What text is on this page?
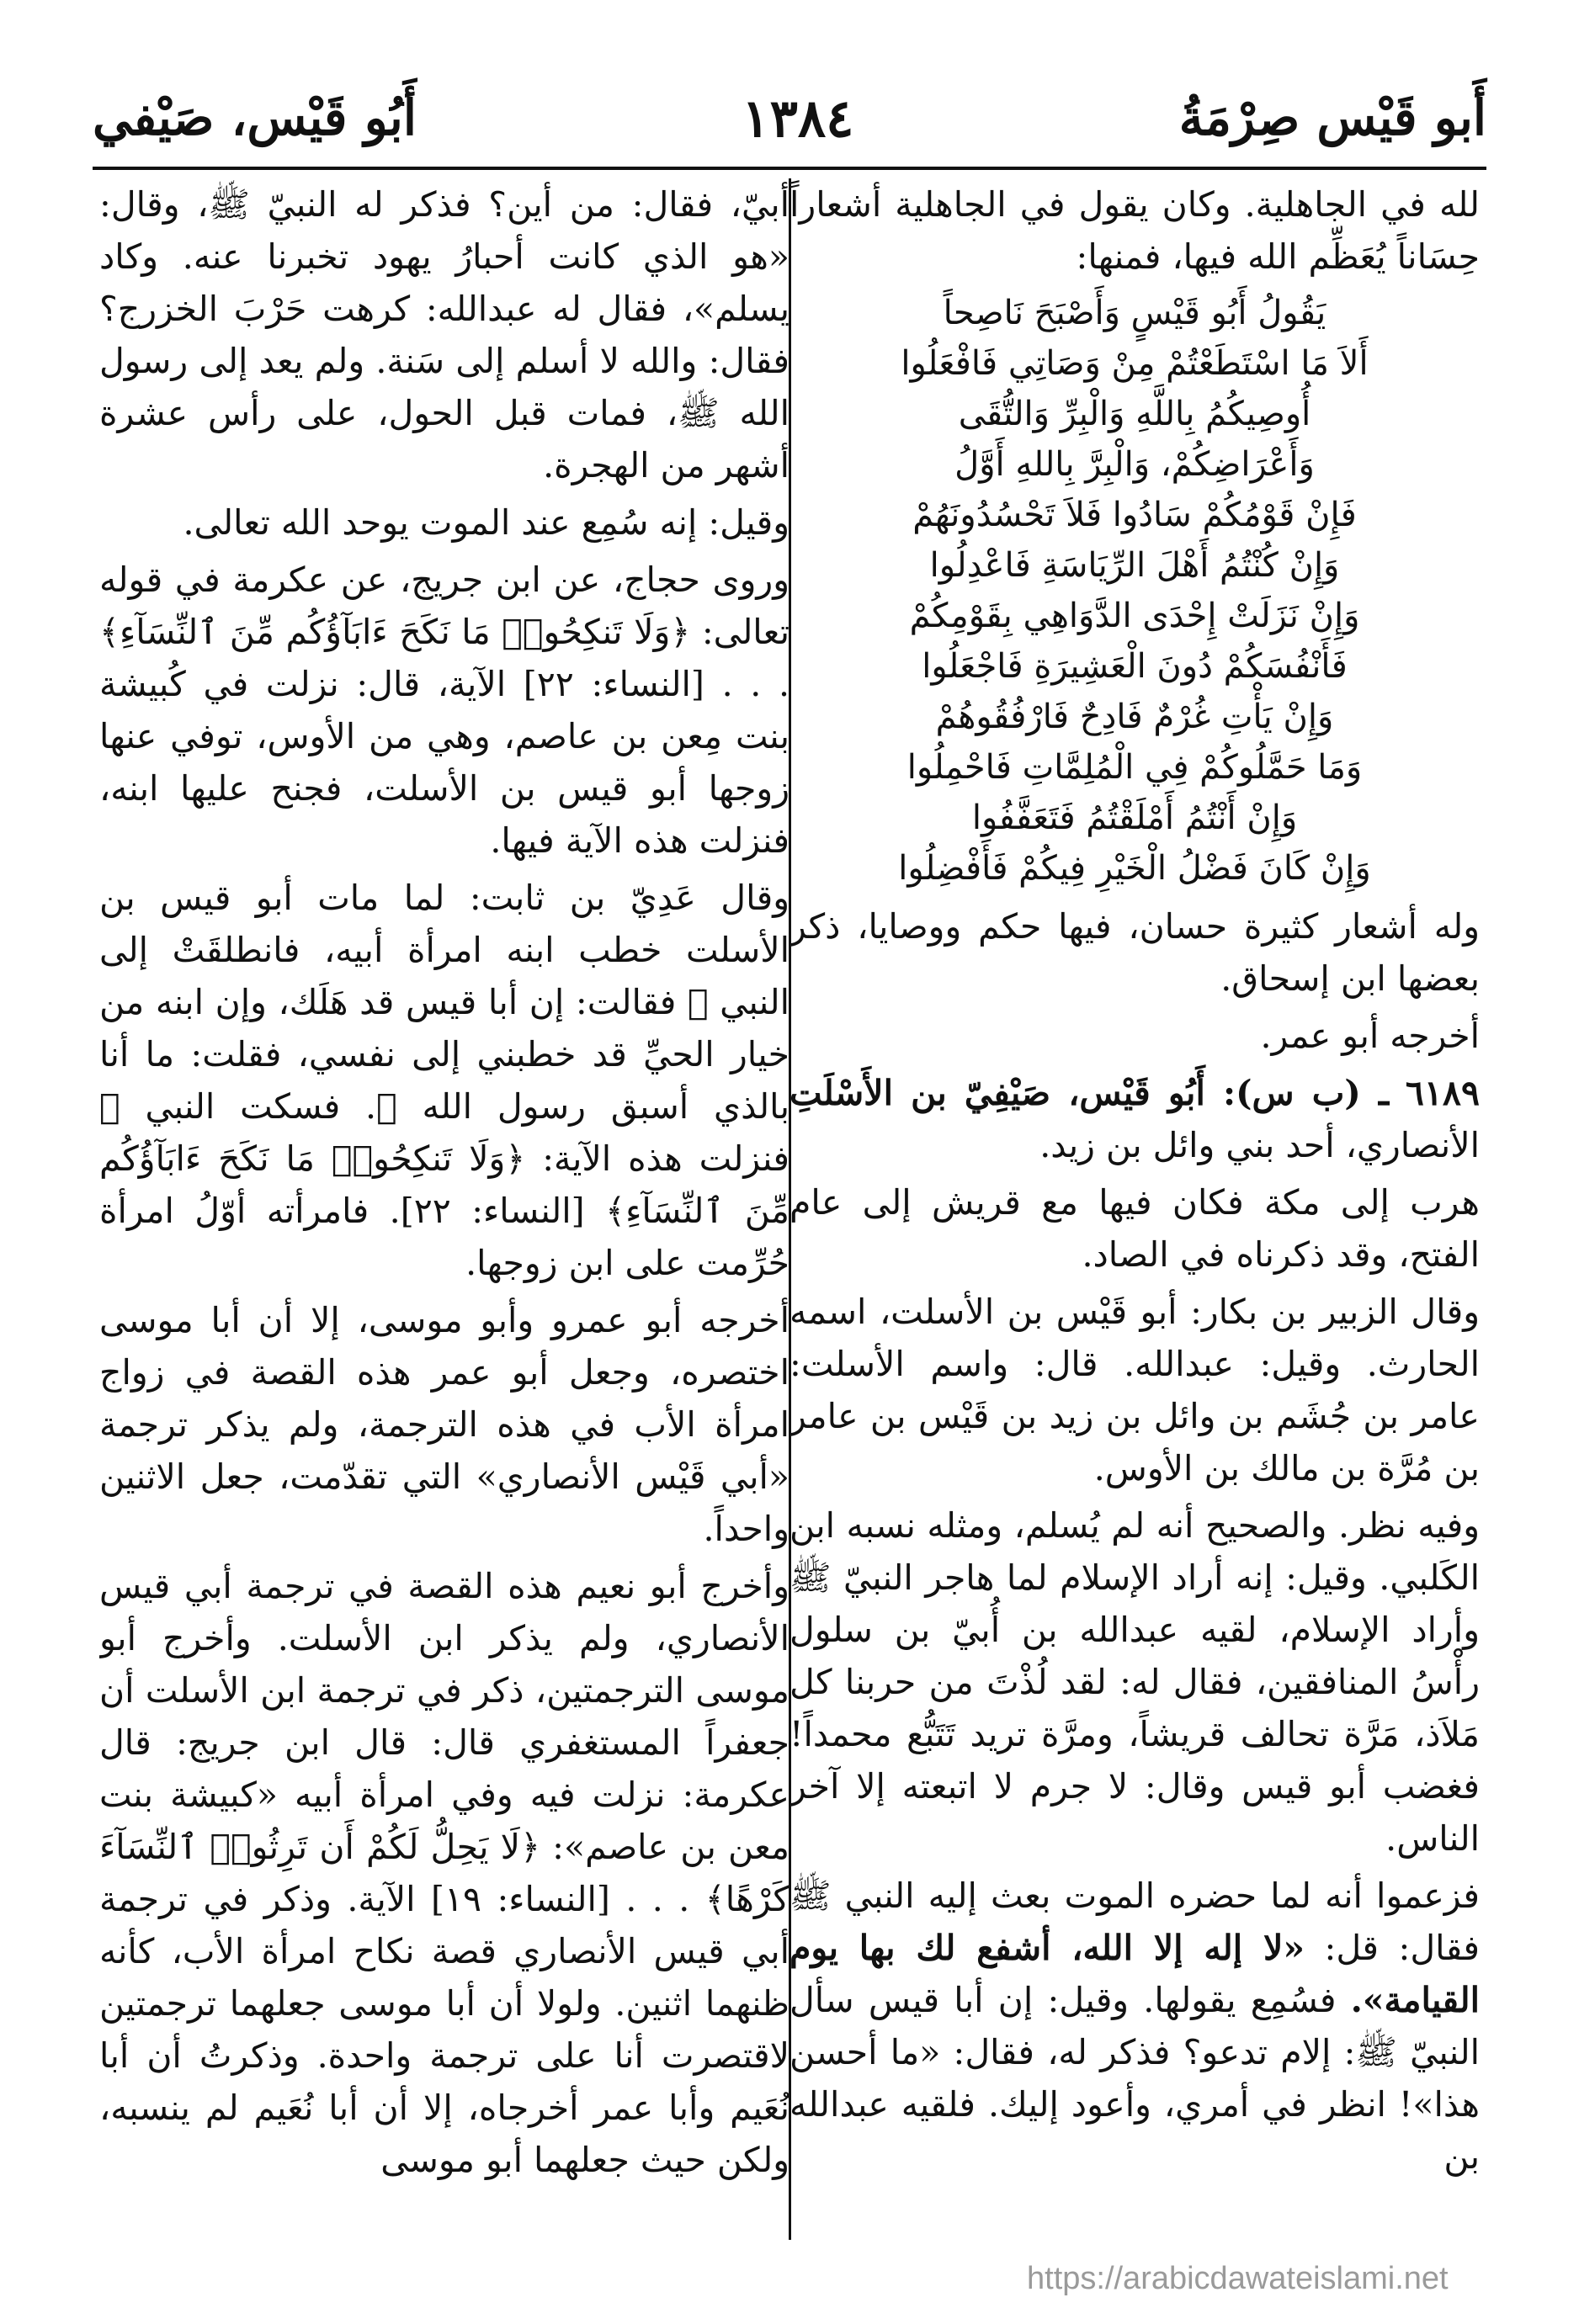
أَبو قَيْس صِرْمَةُ
١٣٨٤
أَبُو قَيْس، صَيْفي

لله في الجاهلية. وكان يقول في الجاهلية أشعاراً حِسَاناً يُعَظِّم الله فيها، فمنها:

يَقُولُ أَبُو قَيْسٍ وَأَصْبَحَ نَاصِحاً
أَلاَ مَا اسْتَطَعْتُمْ مِنْ وَصَاتِي فَافْعَلُوا
أُوصِيكُمُ بِاللَّهِ وَالْبِرِّ وَالتُّقَى
وَأَعْرَاضِكُمْ، وَالْبِرَّ بِاللهِ أَوَّلُ
فَإِنْ قَوْمُكُمْ سَادُوا فَلاَ تَحْسُدُونَهُمْ
وَإِنْ كُنْتُمُ أَهْلَ الرِّيَاسَةِ فَاعْدِلُوا
وَإِنْ نَزَلَتْ إِحْدَى الدَّوَاهِي بِقَوْمِكُمْ
فَأَنْفُسَكُمْ دُونَ الْعَشِيرَةِ فَاجْعَلُوا
وَإِنْ يَأْتِ غُرْمٌ فَادِحٌ فَارْفُقُوهُمْ
وَمَا حَمَّلُوكُمْ فِي الْمُلِمَّاتِ فَاحْمِلُوا
وَإِنْ أَنْتُمُ أَمْلَقْتُمُ فَتَعَفَّفُوا
وَإِنْ كَانَ فَضْلُ الْخَيْرِ فِيكُمْ فَأَفْضِلُوا

وله أشعار كثيرة حسان، فيها حكم ووصايا، ذكر بعضها ابن إسحاق.

أخرجه أبو عمر.

٦١٨٩ ـ (ب س): أَبُو قَيْس، صَيْفِيّ بن الأَسْلَتِ الأنصاري، أحد بني وائل بن زيد.

هرب إلى مكة فكان فيها مع قريش إلى عام الفتح، وقد ذكرناه في الصاد.

وقال الزبير بن بكار: أبو قَيْس بن الأسلت، اسمه الحارث. وقيل: عبدالله. قال: واسم الأسلت: عامر بن جُشَم بن وائل بن زيد بن قَيْس بن عامر بن مُرَّة بن مالك بن الأوس.

وفيه نظر. والصحيح أنه لم يُسلم، ومثله نسبه ابن الكَلبي. وقيل: إنه أراد الإسلام لما هاجر النبيّ ﷺ وأراد الإسلام، لقيه عبدالله بن أُبيّ بن سلول رأْسُ المنافقين، فقال له: لقد لُذْتَ من حربنا كل مَلاَذ، مَرَّة تحالف قريشاً، ومرَّة تريد تَتَبُّع محمداً! فغضب أبو قيس وقال: لا جرم لا اتبعته إلا آخر الناس.

فزعموا أنه لما حضره الموت بعث إليه النبي ﷺ فقال: قل: «لا إله إلا الله، أشفع لك بها يوم القيامة». فسُمِع يقولها. وقيل: إن أبا قيس سأل النبيّ ﷺ: إلام تدعو؟ فذكر له، فقال: «ما أحسن هذا»! انظر في أمري، وأعود إليك. فلقيه عبدالله بن

أبيّ، فقال: من أين؟ فذكر له النبيّ ﷺ، وقال: «هو الذي كانت أحبارُ يهود تخبرنا عنه. وكاد يسلم»، فقال له عبدالله: كرهت حَرْبَ الخزرج؟ فقال: والله لا أسلم إلى سَنة. ولم يعد إلى رسول الله ﷺ، فمات قبل الحول، على رأس عشرة أشهر من الهجرة.

وقيل: إنه سُمِع عند الموت يوحد الله تعالى.

وروى حجاج، عن ابن جريج، عن عكرمة في قوله تعالى: ﴿وَلَا تَنكِحُوا۟ مَا نَكَحَ ءَابَآؤُكُم مِّنَ ٱلنِّسَآءِ﴾ . . . [النساء: ٢٢] الآية، قال: نزلت في كُبيشة بنت مِعن بن عاصم، وهي من الأوس، توفي عنها زوجها أبو قيس بن الأسلت، فجنح عليها ابنه، فنزلت هذه الآية فيها.

وقال عَدِيّ بن ثابت: لما مات أبو قيس بن الأسلت خطب ابنه امرأة أبيه، فانطلقَتْ إلى النبي ﷺ فقالت: إن أبا قيس قد هَلَك، وإن ابنه من خيار الحيِّ قد خطبني إلى نفسي، فقلت: ما أنا بالذي أسبق رسول الله ﷺ. فسكت النبي ﷺ فنزلت هذه الآية: ﴿وَلَا تَنكِحُوا۟ مَا نَكَحَ ءَابَآؤُكُم مِّنَ ٱلنِّسَآءِ﴾ [النساء: ٢٢]. فامرأته أوّلُ امرأة حُرِّمت على ابن زوجها.

أخرجه أبو عمرو وأبو موسى، إلا أن أبا موسى اختصره، وجعل أبو عمر هذه القصة في زواج امرأة الأب في هذه الترجمة، ولم يذكر ترجمة «أبي قَيْس الأنصاري» التي تقدّمت، جعل الاثنين واحداً.

وأخرج أبو نعيم هذه القصة في ترجمة أبي قيس الأنصاري، ولم يذكر ابن الأسلت. وأخرج أبو موسى الترجمتين، ذكر في ترجمة ابن الأسلت أن جعفراً المستغفري قال: قال ابن جريج: قال عكرمة: نزلت فيه وفي امرأة أبيه «كبيشة بنت معن بن عاصم»: ﴿لَا يَحِلُّ لَكُمْ أَن تَرِثُوا۟ ٱلنِّسَآءَ كَرْهًا﴾ . . . [النساء: ١٩] الآية. وذكر في ترجمة أبي قيس الأنصاري قصة نكاح امرأة الأب، كأنه ظنهما اثنين. ولولا أن أبا موسى جعلهما ترجمتين لاقتصرت أنا على ترجمة واحدة. وذكرتُ أن أبا نُعَيم وأبا عمر أخرجاه، إلا أن أبا نُعَيم لم ينسبه، ولكن حيث جعلهما أبو موسى

https://arabicdawateislami.net
